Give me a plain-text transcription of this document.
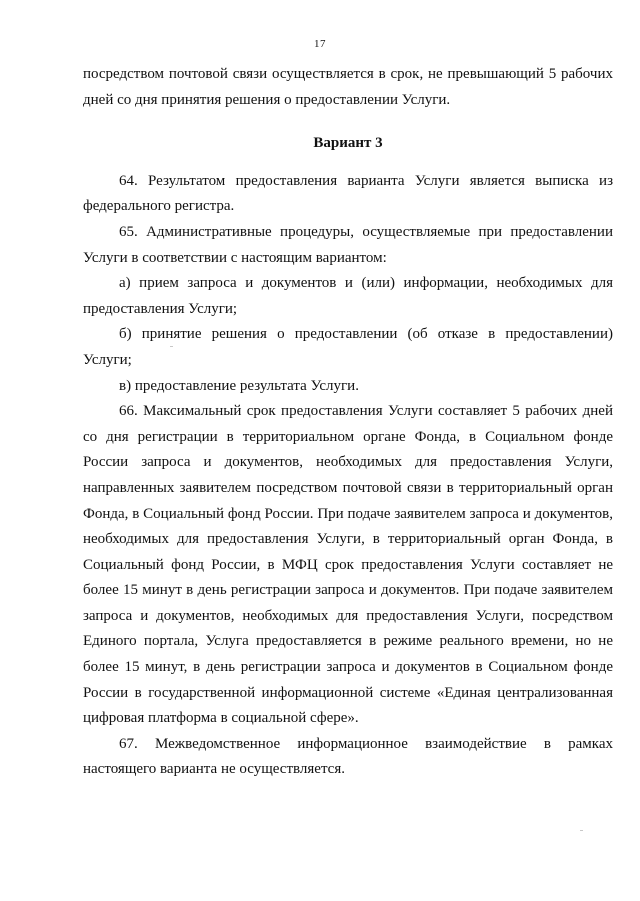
17

посредством почтовой связи осуществляется в срок, не превышающий 5 рабочих дней со дня принятия решения о предоставлении Услуги.

Вариант 3

64. Результатом предоставления варианта Услуги является выписка из федерального регистра.

65. Административные процедуры, осуществляемые при предоставлении Услуги в соответствии с настоящим вариантом:

а) прием запроса и документов и (или) информации, необходимых для предоставления Услуги;

б) принятие решения о предоставлении (об отказе в предоставлении) Услуги;

в) предоставление результата Услуги.

66. Максимальный срок предоставления Услуги составляет 5 рабочих дней со дня регистрации в территориальном органе Фонда, в Социальном фонде России запроса и документов, необходимых для предоставления Услуги, направленных заявителем посредством почтовой связи в территориальный орган Фонда, в Социальный фонд России. При подаче заявителем запроса и документов, необходимых для предоставления Услуги, в территориальный орган Фонда, в Социальный фонд России, в МФЦ срок предоставления Услуги составляет не более 15 минут в день регистрации запроса и документов. При подаче заявителем запроса и документов, необходимых для предоставления Услуги, посредством Единого портала, Услуга предоставляется в режиме реального времени, но не более 15 минут, в день регистрации запроса и документов в Социальном фонде России в государственной информационной системе «Единая централизованная цифровая платформа в социальной сфере».

67. Межведомственное информационное взаимодействие в рамках настоящего варианта не осуществляется.
